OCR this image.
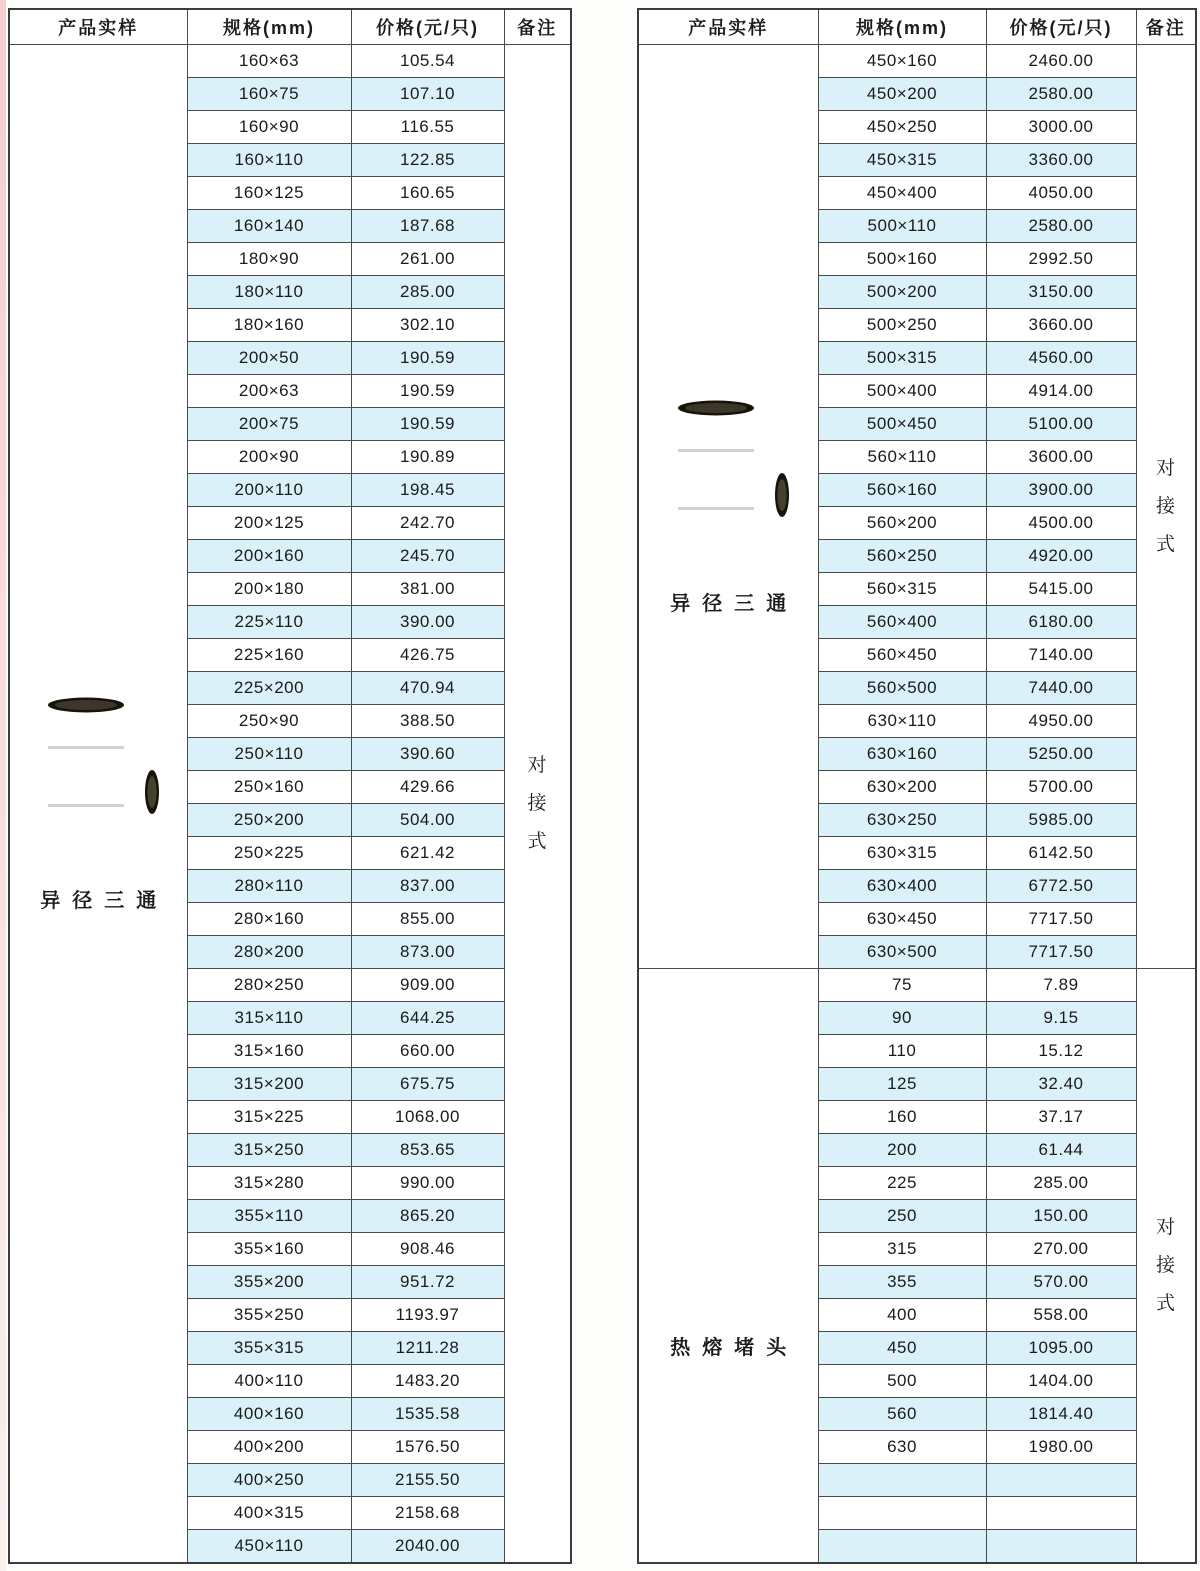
产品实样	规格(mm)	价格(元/只)	备注

异径三通	160×63	105.54	对
接
式

	160×75	107.10	
	160×90	116.55	
	160×110	122.85	
	160×125	160.65	
	160×140	187.68	
	180×90	261.00	
	180×110	285.00	
	180×160	302.10	
	200×50	190.59	
	200×63	190.59	
	200×75	190.59	
	200×90	190.89	
	200×110	198.45	
	200×125	242.70	
	200×160	245.70	
	200×180	381.00	
	225×110	390.00	
	225×160	426.75	
	225×200	470.94	
	250×90	388.50	
	250×110	390.60	
	250×160	429.66	
	250×200	504.00	
	250×225	621.42	
	280×110	837.00	
	280×160	855.00	
	280×200	873.00	
	280×250	909.00	
	315×110	644.25	
	315×160	660.00	
	315×200	675.75	
	315×225	1068.00	
	315×250	853.65	
	315×280	990.00	
	355×110	865.20	
	355×160	908.46	
	355×200	951.72	
	355×250	1193.97	
	355×315	1211.28	
	400×110	1483.20	
	400×160	1535.58	
	400×200	1576.50	
	400×250	2155.50	
	400×315	2158.68	
	450×110	2040.00	
产品实样	规格(mm)	价格(元/只)	备注

异径三通	450×160	2460.00	对
接
式

	450×200	2580.00	
	450×250	3000.00	
	450×315	3360.00	
	450×400	4050.00	
	500×110	2580.00	
	500×160	2992.50	
	500×200	3150.00	
	500×250	3660.00	
	500×315	4560.00	
	500×400	4914.00	
	500×450	5100.00	
	560×110	3600.00	
	560×160	3900.00	
	560×200	4500.00	
	560×250	4920.00	
	560×315	5415.00	
	560×400	6180.00	
	560×450	7140.00	
	560×500	7440.00	
	630×110	4950.00	
	630×160	5250.00	
	630×200	5700.00	
	630×250	5985.00	
	630×315	6142.50	
	630×400	6772.50	
	630×450	7717.50	
	630×500	7717.50	

热熔堵头	75	7.89	对
接
式

	90	9.15	
	110	15.12	
	125	32.40	
	160	37.17	
	200	61.44	
	225	285.00	
	250	150.00	
	315	270.00	
	355	570.00	
	400	558.00	
	450	1095.00	
	500	1404.00	
	560	1814.40	
	630	1980.00	
